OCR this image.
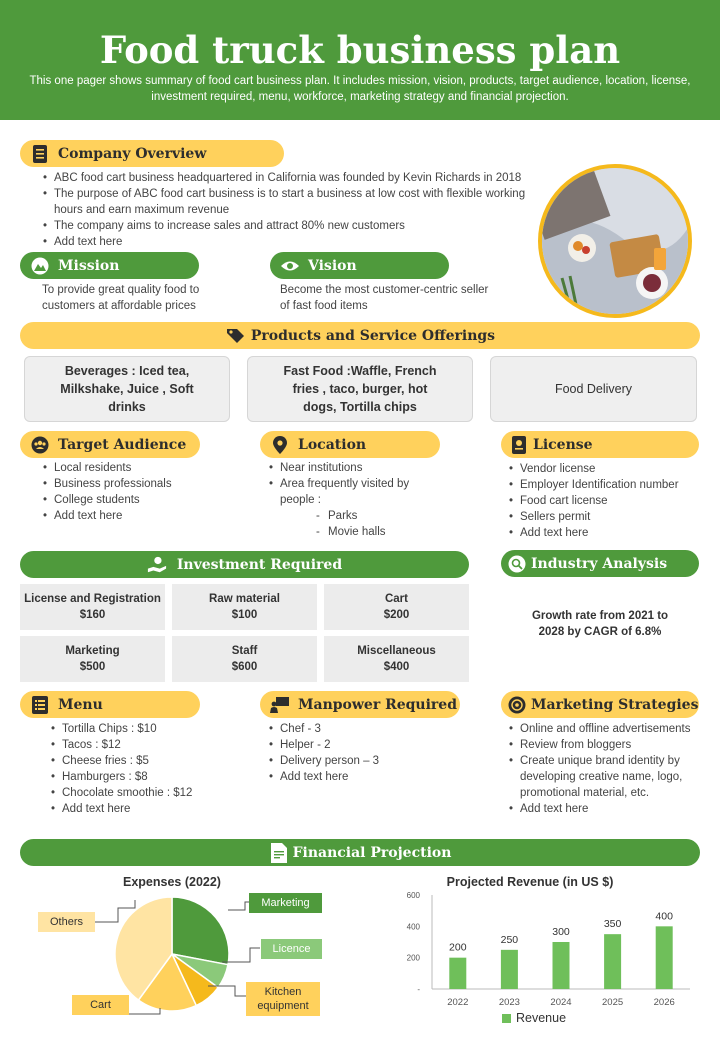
Food truck business plan

This one pager shows summary of food cart business plan. It includes mission, vision, products, target audience, location, license, investment required, menu, workforce, marketing strategy and financial projection.

Company Overview
• ABC food cart business headquartered in California was founded by Kevin Richards in 2018
• The purpose of ABC food cart business is to start a business at low cost with flexible working hours and earn maximum revenue
• The company aims to increase sales and attract 80% new customers
• Add text here
Mission
To provide great quality food to customers at affordable prices
Vision
Become the most customer-centric seller of fast food items
Products and Service Offerings
Beverages : Iced tea, Milkshake, Juice , Soft drinks
Fast Food :Waffle, French fries , taco, burger, hot dogs, Tortilla chips
Food Delivery
Target Audience
• Local residents
• Business professionals
• College students
• Add text here
Location
• Near institutions
• Area frequently visited by people :
- Parks
- Movie halls
License
• Vendor license
• Employer Identification number
• Food cart license
• Sellers permit
• Add text here
Investment Required
License and Registration
$160
Raw material
$100
Cart
$200
Marketing
$500
Staff
$600
Miscellaneous
$400
Industry Analysis
Growth rate from 2021 to 2028 by CAGR of 6.8%
Menu
• Tortilla Chips : $10
• Tacos : $12
• Cheese fries : $5
• Hamburgers : $8
• Chocolate smoothie : $12
• Add text here
Manpower Required
• Chef - 3
• Helper - 2
• Delivery person – 3
• Add text here
Marketing Strategies
• Online and offline advertisements
• Review from bloggers
• Create unique brand identity by developing creative name, logo, promotional material, etc.
• Add text here
Financial Projection
Expenses (2022)
Marketing
Licence
Kitchen equipment
Cart
Others
Projected Revenue (in US $)
600
400
200
-
200
2022
250
2023
300
2024
350
2025
400
2026
Revenue
